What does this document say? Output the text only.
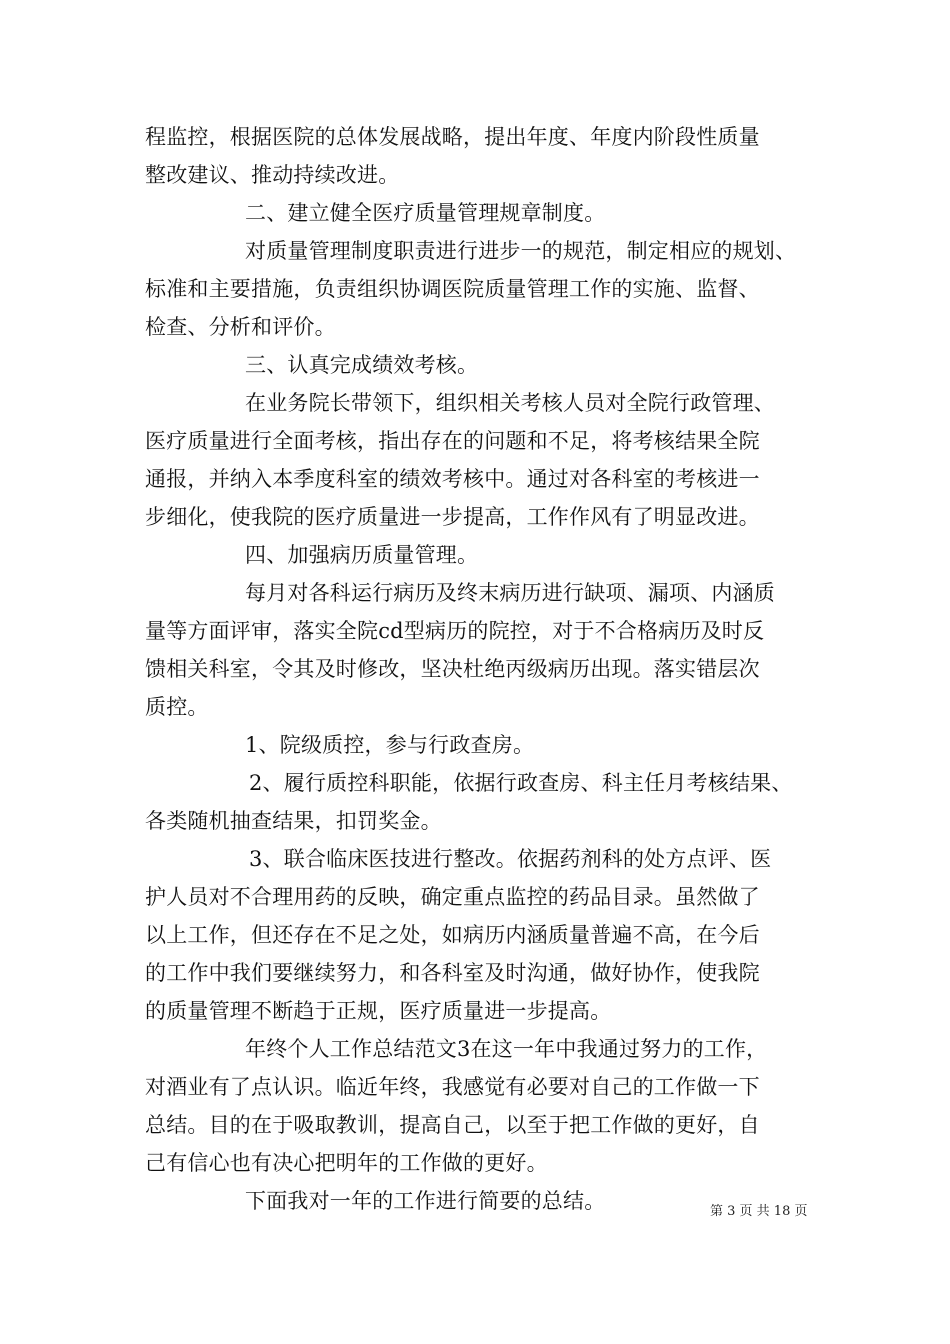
程监控，根据医院的总体发展战略，提出年度、年度内阶段性质量
整改建议、推动持续改进。
二、建立健全医疗质量管理规章制度。
对质量管理制度职责进行进步一的规范，制定相应的规划、
标准和主要措施，负责组织协调医院质量管理工作的实施、监督、
检查、分析和评价。
三、认真完成绩效考核。
在业务院长带领下，组织相关考核人员对全院行政管理、
医疗质量进行全面考核，指出存在的问题和不足，将考核结果全院
通报，并纳入本季度科室的绩效考核中。通过对各科室的考核进一
步细化，使我院的医疗质量进一步提高，工作作风有了明显改进。
四、加强病历质量管理。
每月对各科运行病历及终末病历进行缺项、漏项、内涵质
量等方面评审，落实全院cd型病历的院控，对于不合格病历及时反
馈相关科室，令其及时修改，坚决杜绝丙级病历出现。落实错层次
质控。
1、院级质控，参与行政查房。
2、履行质控科职能，依据行政查房、科主任月考核结果、
各类随机抽查结果，扣罚奖金。
3、联合临床医技进行整改。依据药剂科的处方点评、医
护人员对不合理用药的反映，确定重点监控的药品目录。虽然做了
以上工作，但还存在不足之处，如病历内涵质量普遍不高，在今后
的工作中我们要继续努力，和各科室及时沟通，做好协作，使我院
的质量管理不断趋于正规，医疗质量进一步提高。
年终个人工作总结范文3在这一年中我通过努力的工作，
对酒业有了点认识。临近年终，我感觉有必要对自己的工作做一下
总结。目的在于吸取教训，提高自己，以至于把工作做的更好，自
己有信心也有决心把明年的工作做的更好。
下面我对一年的工作进行简要的总结。	第 3 页 共 18 页
